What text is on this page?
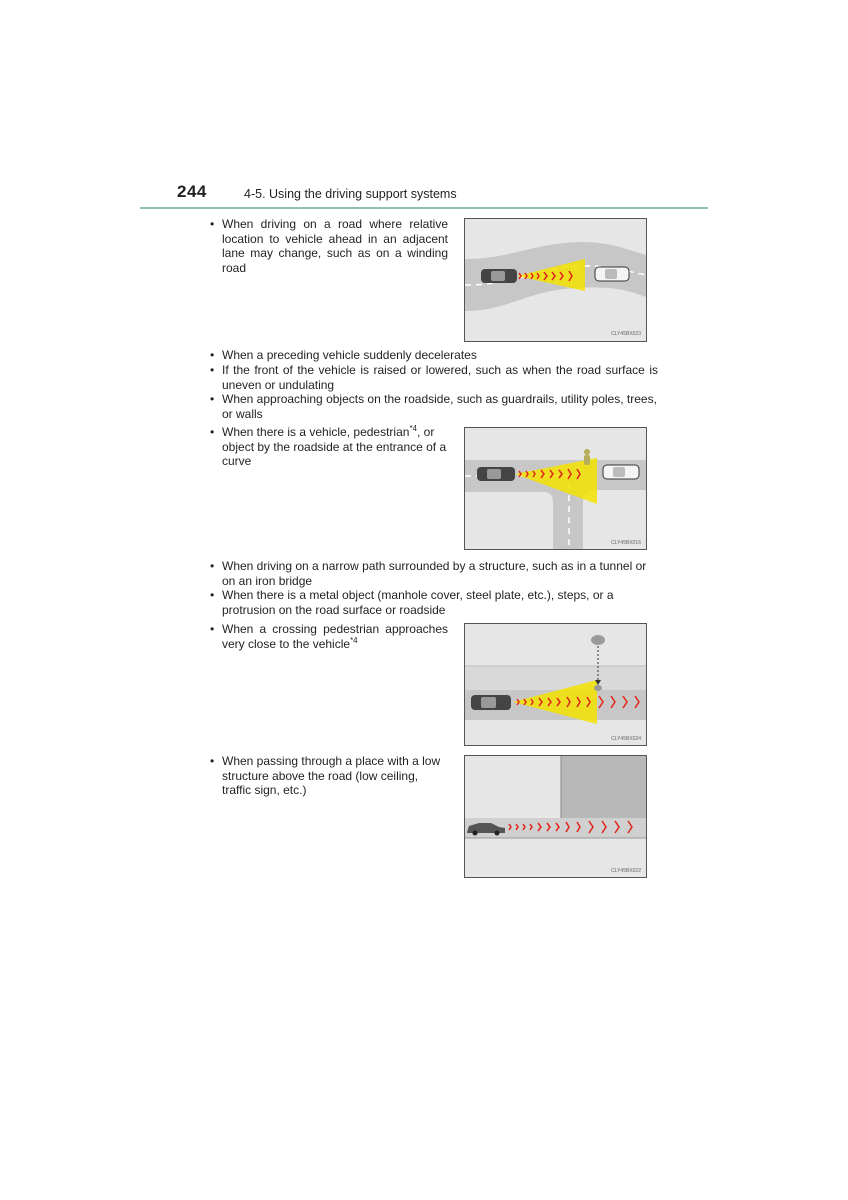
244	4-5. Using the driving support systems
• When driving on a road where relative location to vehicle ahead in an adjacent lane may change, such as on a winding road
CLY45BX023
• When a preceding vehicle suddenly decelerates
• If the front of the vehicle is raised or lowered, such as when the road surface is uneven or undulating
• When approaching objects on the roadside, such as guardrails, utility poles, trees, or walls
• When there is a vehicle, pedestrian$^{*4}$, or object by the roadside at the entrance of a curve
CLY45BX016
• When driving on a narrow path surrounded by a structure, such as in a tunnel or on an iron bridge
• When there is a metal object (manhole cover, steel plate, etc.), steps, or a protrusion on the road surface or roadside
• When a crossing pedestrian approaches very close to the vehicle$^{*4}$
CLY45BX024
• When passing through a place with a low structure above the road (low ceiling, traffic sign, etc.)
CLY45BX022
